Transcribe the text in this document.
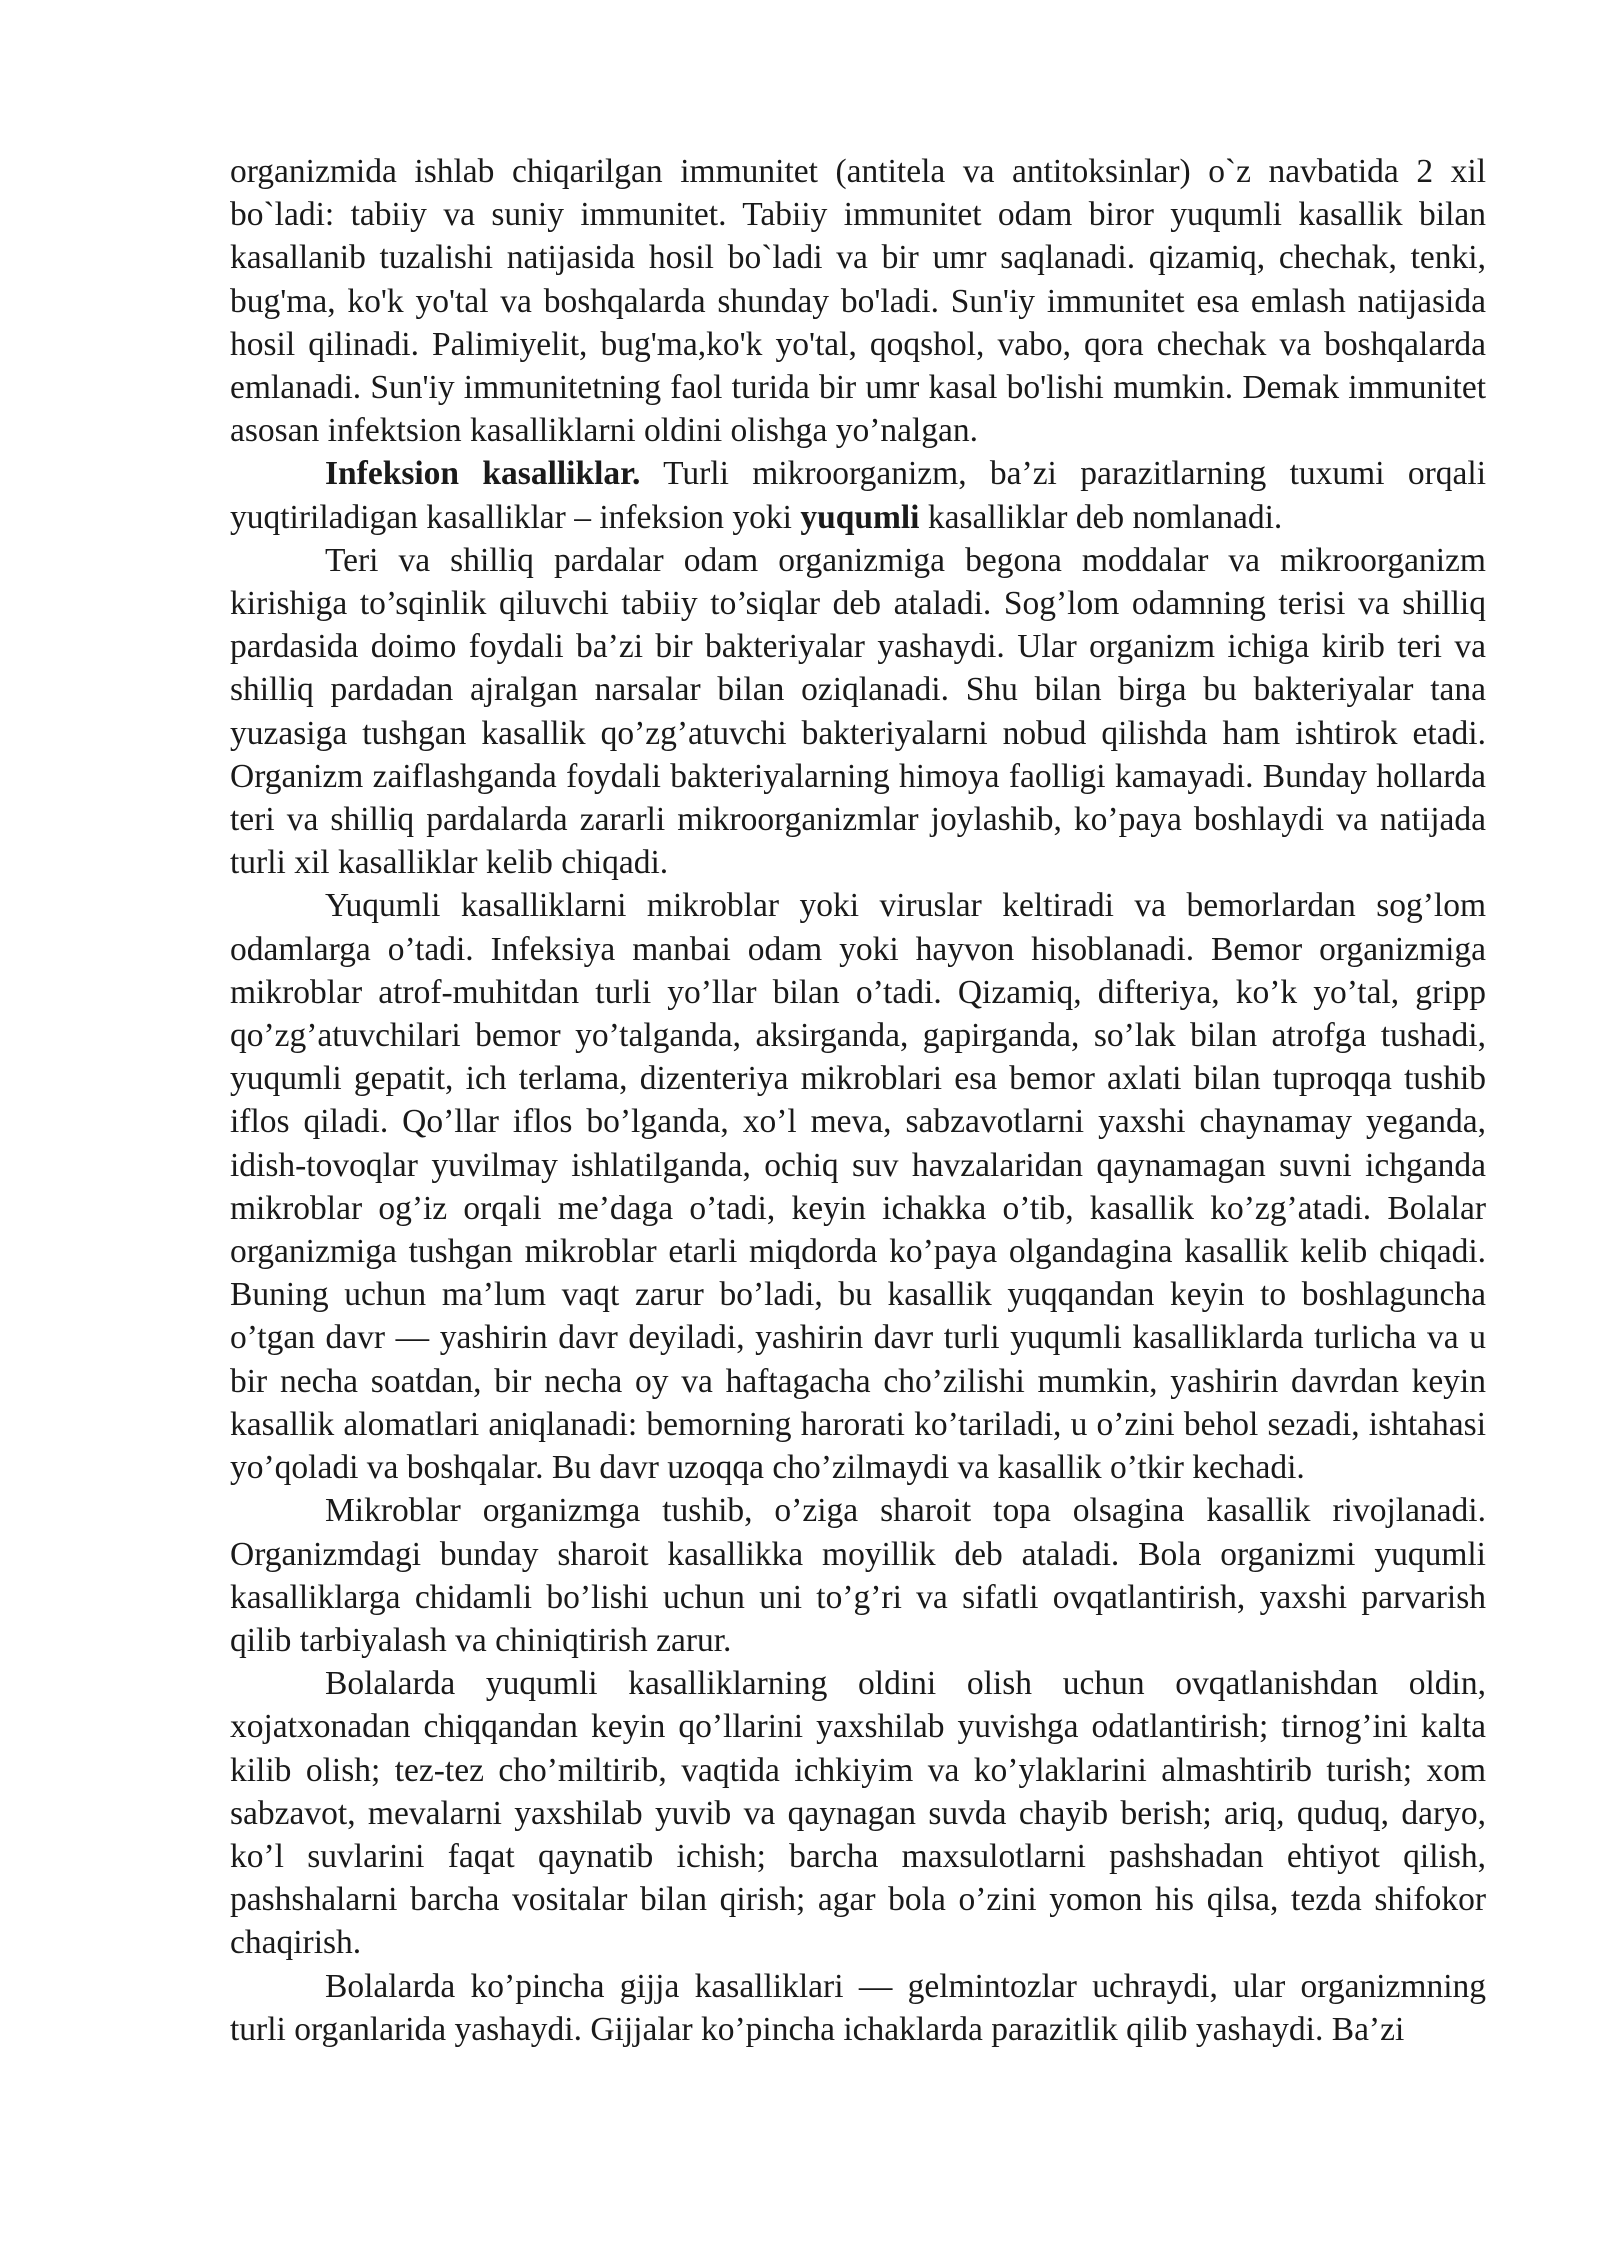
organizmida ishlab chiqarilgan immunitet (antitela va antitoksinlar) o`z navbatida 2 xil bo`ladi: tabiiy va suniy immunitet. Tabiiy immunitet odam biror yuqumli kasallik bilan kasallanib tuzalishi natijasida hosil bo`ladi va bir umr saqlanadi. qizamiq, chechak, tenki, bug'ma, ko'k yo'tal va boshqalarda shunday bo'ladi. Sun'iy immunitet esa emlash natijasida hosil qilinadi. Palimiyelit, bug'ma,ko'k yo'tal, qoqshol, vabo, qora chechak va boshqalarda emlanadi. Sun'iy immunitetning faol turida bir umr kasal bo'lishi mumkin. Demak immunitet asosan infektsion kasalliklarni oldini olishga yo’nalgan.

Infeksion kasalliklar. Turli mikroorganizm, ba’zi parazitlarning tuxumi orqali yuqtiriladigan kasalliklar – infeksion yoki yuqumli kasalliklar deb nomlanadi.

Teri va shilliq pardalar odam organizmiga begona moddalar va mikroorganizm kirishiga to’sqinlik qiluvchi tabiiy to’siqlar deb ataladi. Sog’lom odamning terisi va shilliq pardasida doimo foydali ba’zi bir bakteriyalar yashaydi. Ular organizm ichiga kirib teri va shilliq pardadan ajralgan narsalar bilan oziqlanadi. Shu bilan birga bu bakteriyalar tana yuzasiga tushgan kasallik qo’zg’atuvchi bakteriyalarni nobud qilishda ham ishtirok etadi. Organizm zaiflashganda foydali bakteriyalarning himoya faolligi kamayadi. Bunday hollarda teri va shilliq pardalarda zararli mikroorganizmlar joylashib, ko’paya boshlaydi va natijada turli xil kasalliklar kelib chiqadi.

Yuqumli kasalliklarni mikroblar yoki viruslar keltiradi va bemorlardan sog’lom odamlarga o’tadi. Infeksiya manbai odam yoki hayvon hisoblanadi. Bemor organizmiga mikroblar atrof-muhitdan turli yo’llar bilan o’tadi. Qizamiq, difteriya, ko’k yo’tal, gripp qo’zg’atuvchilari bemor yo’talganda, aksirganda, gapirganda, so’lak bilan atrofga tushadi, yuqumli gepatit, ich terlama, dizenteriya mikroblari esa bemor axlati bilan tuproqqa tushib iflos qiladi. Qo’llar iflos bo’lganda, xo’l meva, sabzavotlarni yaxshi chaynamay yeganda, idish-tovoqlar yuvilmay ishlatilganda, ochiq suv havzalaridan qaynamagan suvni ichganda mikroblar og’iz orqali me’daga o’tadi, keyin ichakka o’tib, kasallik ko’zg’atadi. Bolalar organizmiga tushgan mikroblar etarli miqdorda ko’paya olgandagina kasallik kelib chiqadi. Buning uchun ma’lum vaqt zarur bo’ladi, bu kasallik yuqqandan keyin to boshlaguncha o’tgan davr — yashirin davr deyiladi, yashirin davr turli yuqumli kasalliklarda turlicha va u bir necha soatdan, bir necha oy va haftagacha cho’zilishi mumkin, yashirin davrdan keyin kasallik alomatlari aniqlanadi: bemorning harorati ko’tariladi, u o’zini behol sezadi, ishtahasi yo’qoladi va boshqalar. Bu davr uzoqqa cho’zilmaydi va kasallik o’tkir kechadi.

Mikroblar organizmga tushib, o’ziga sharoit topa olsagina kasallik rivojlanadi. Organizmdagi bunday sharoit kasallikka moyillik deb ataladi. Bola organizmi yuqumli kasalliklarga chidamli bo’lishi uchun uni to’g’ri va sifatli ovqatlantirish, yaxshi parvarish qilib tarbiyalash va chiniqtirish zarur.

Bolalarda yuqumli kasalliklarning oldini olish uchun ovqatlanishdan oldin, xojatxonadan chiqqandan keyin qo’llarini yaxshilab yuvishga odatlantirish; tirnog’ini kalta kilib olish; tez-tez cho’miltirib, vaqtida ichkiyim va ko’ylaklarini almashtirib turish; xom sabzavot, mevalarni yaxshilab yuvib va qaynagan suvda chayib berish; ariq, quduq, daryo, ko’l suvlarini faqat qaynatib ichish; barcha maxsulotlarni pashshadan ehtiyot qilish, pashshalarni barcha vositalar bilan qirish; agar bola o’zini yomon his qilsa, tezda shifokor chaqirish.

Bolalarda ko’pincha gijja kasalliklari — gelmintozlar uchraydi, ular organizmning turli organlarida yashaydi. Gijjalar ko’pincha ichaklarda parazitlik qilib yashaydi. Ba’zi
